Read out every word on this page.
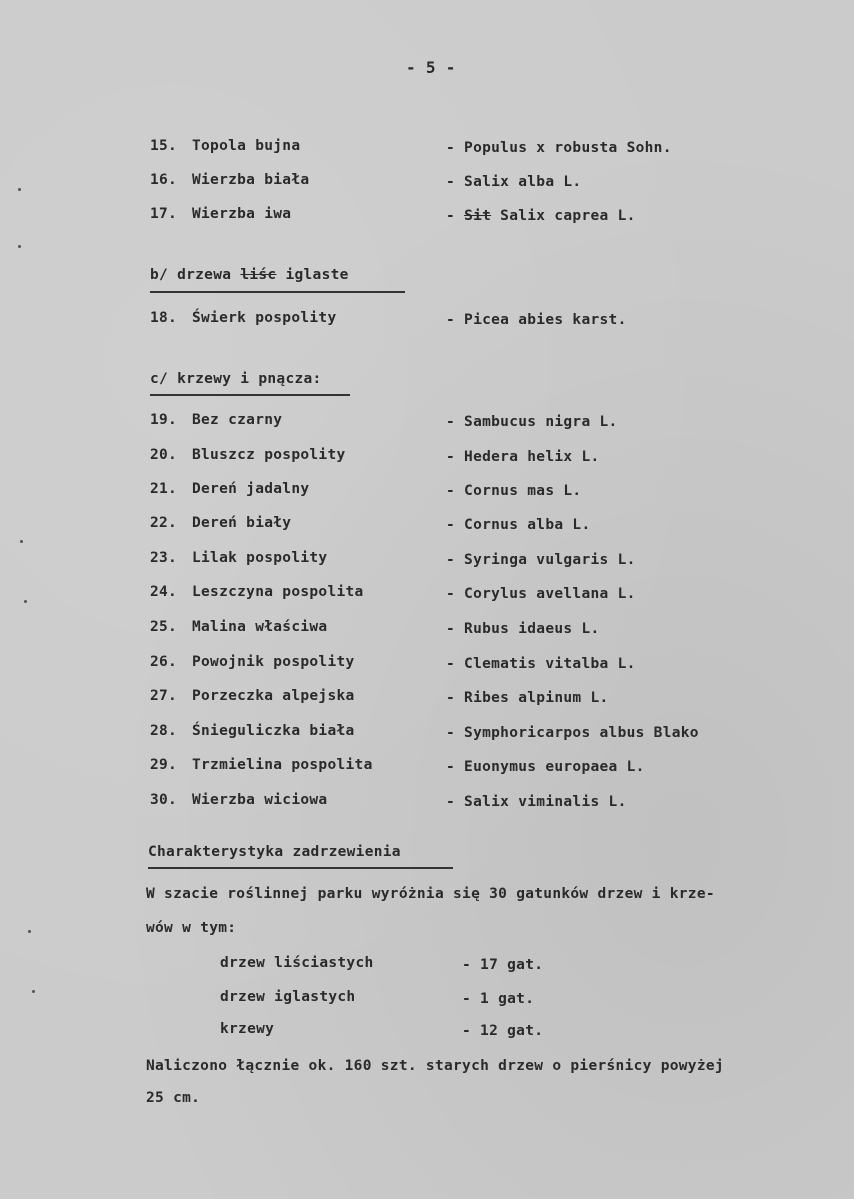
- 5 -
15. Topola bujna	- Populus x robusta Sohn.
16. Wierzba biała	- Salix alba L.
17. Wierzba iwa	- Sit Salix caprea L.
b/ drzewa liśc iglaste
18. Świerk pospolity	- Picea abies karst.
c/ krzewy i pnącza:
19. Bez czarny	- Sambucus nigra L.
20. Bluszcz pospolity	- Hedera helix L.
21. Dereń jadalny	- Cornus mas L.
22. Dereń biały	- Cornus alba L.
23. Lilak pospolity	- Syringa vulgaris L.
24. Leszczyna pospolita	- Corylus avellana L.
25. Malina właściwa	- Rubus idaeus L.
26. Powojnik pospolity	- Clematis vitalba L.
27. Porzeczka alpejska	- Ribes alpinum L.
28. Śnieguliczka biała	- Symphoricarpos albus Blako
29. Trzmielina pospolita	- Euonymus europaea L.
30. Wierzba wiciowa	- Salix viminalis L.
Charakterystyka zadrzewienia
W szacie roślinnej parku wyróżnia się 30 gatunków drzew i krze-
wów w tym:
drzew liściastych	- 17 gat.
drzew iglastych	- 1 gat.
krzewy	- 12 gat.
Naliczono łącznie ok. 160 szt. starych drzew o pierśnicy powyżej
25 cm.
